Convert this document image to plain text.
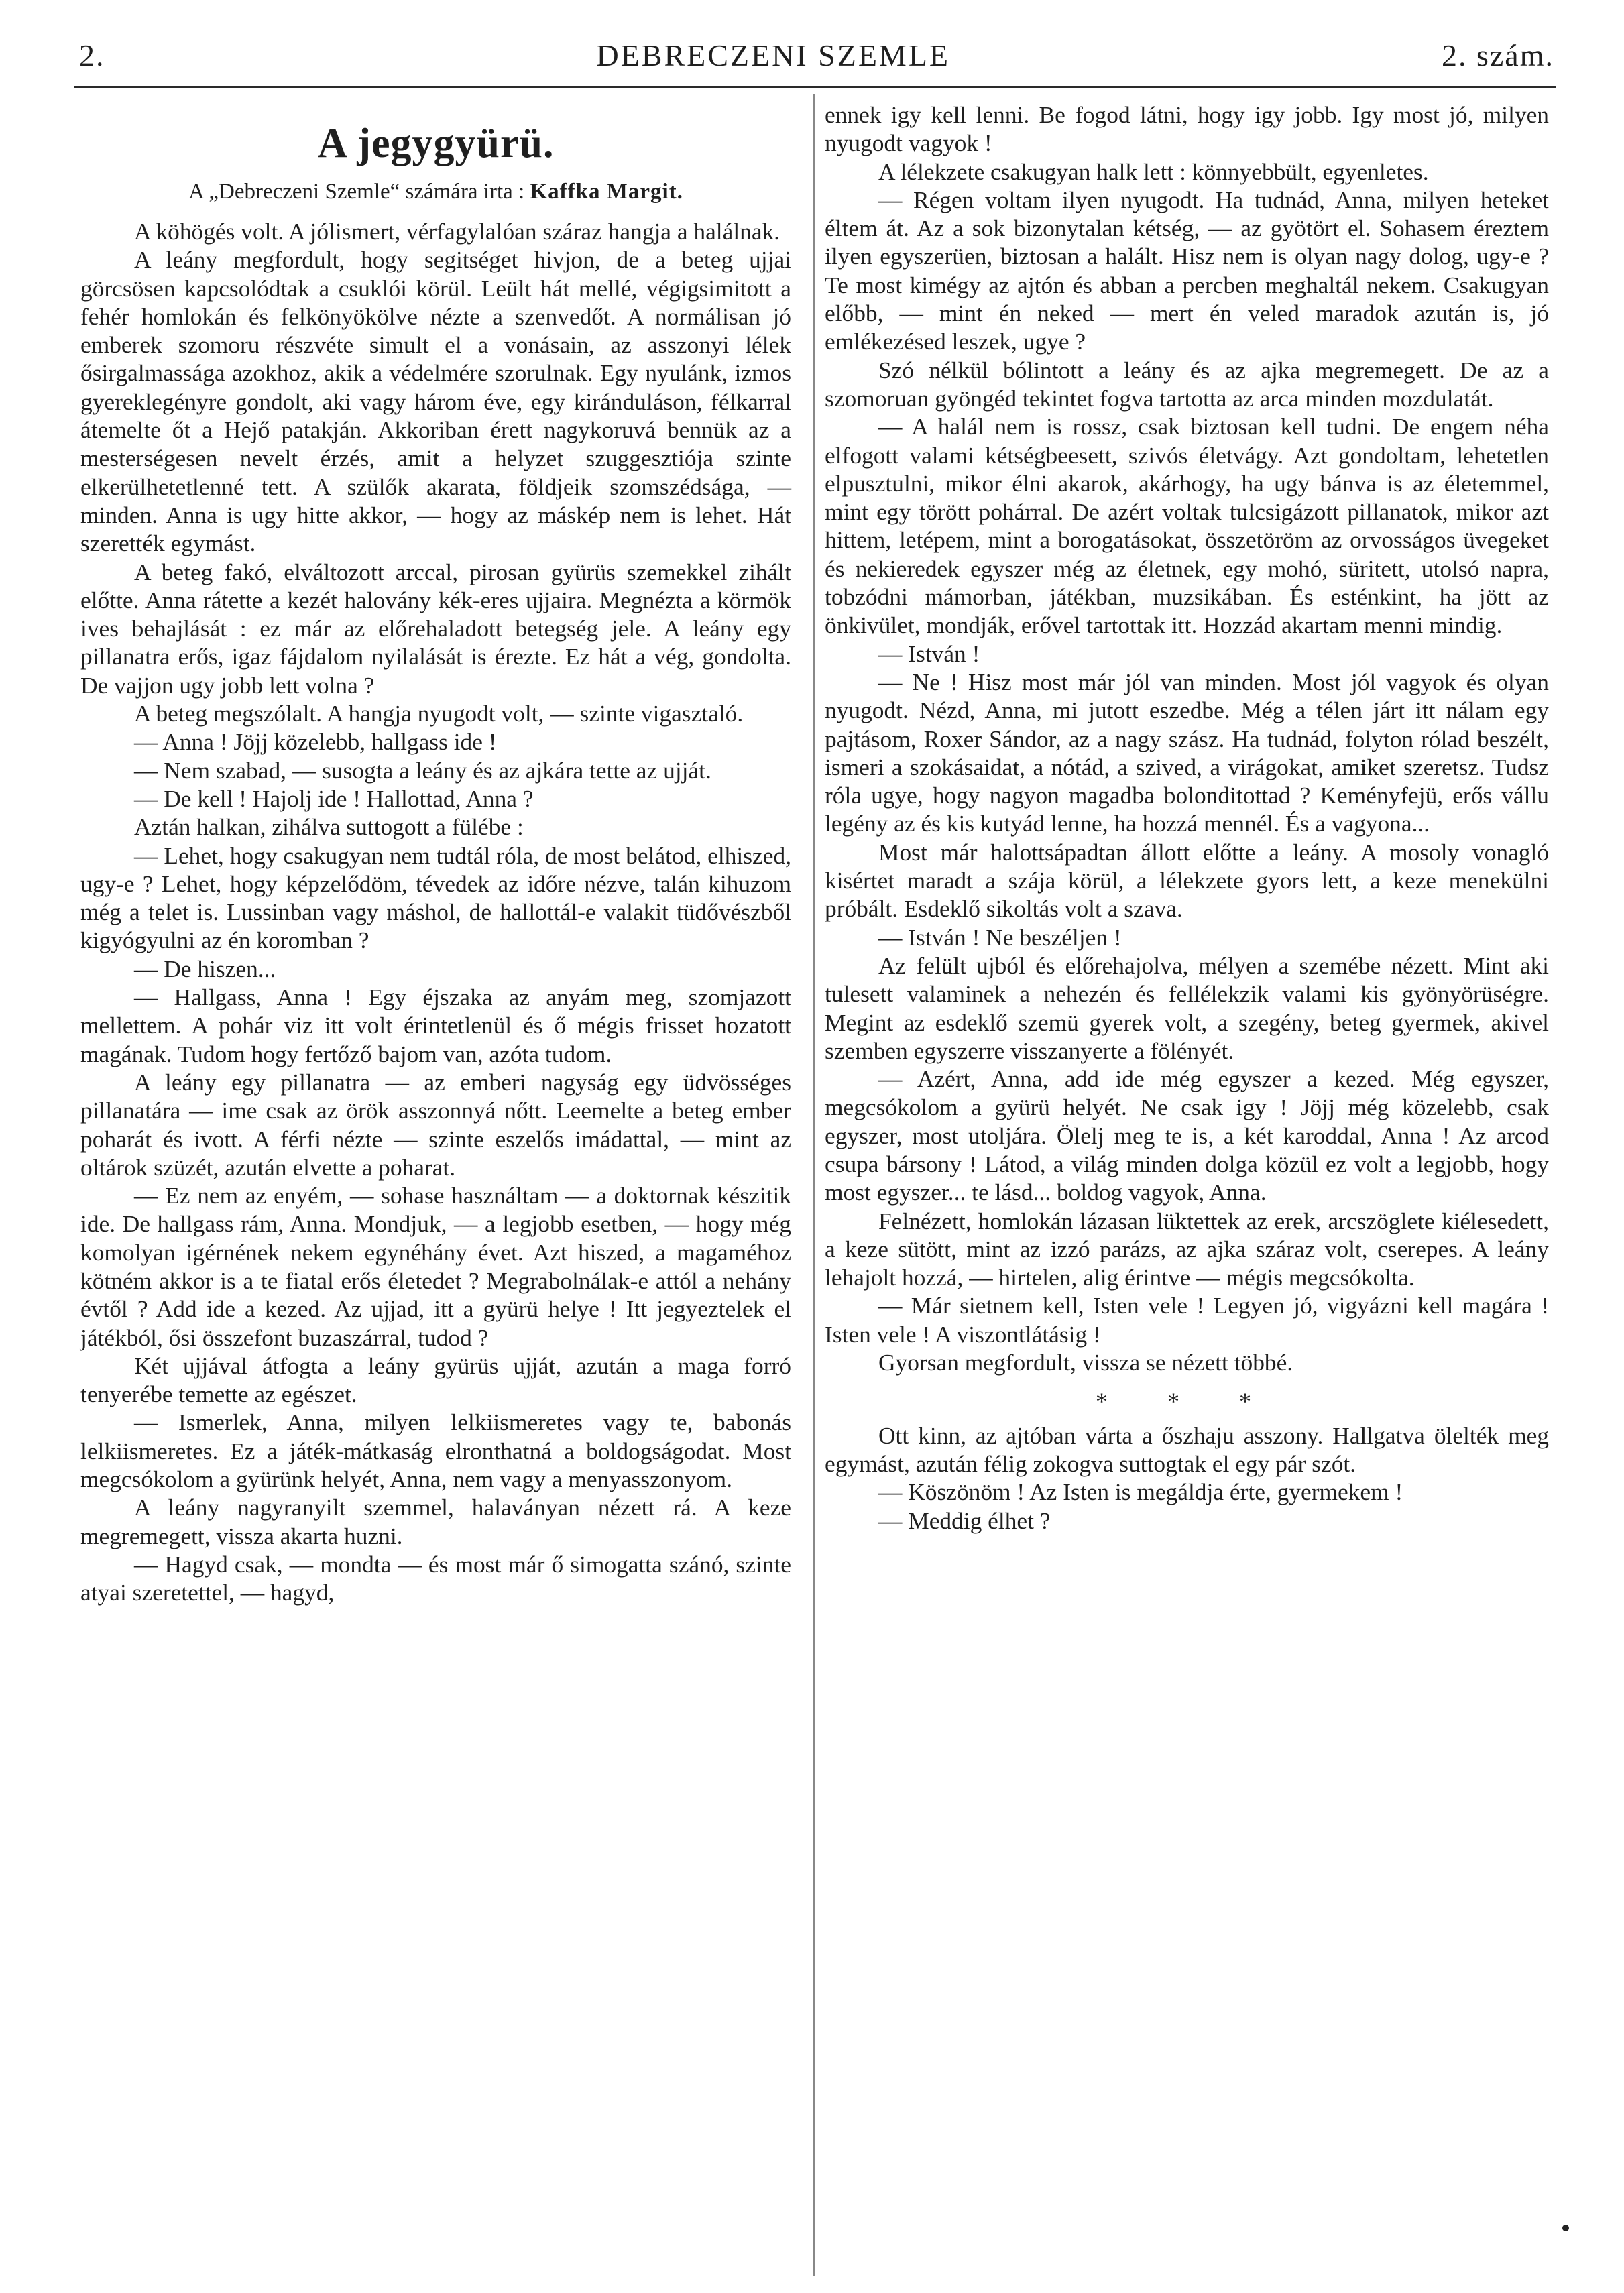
2.	DEBRECZENI SZEMLE	2. szám.
A jegygyürü.
A „Debreczeni Szemle“ számára irta : Kaffka Margit.

A köhögés volt. A jólismert, vérfagylalóan száraz hangja a halálnak.

A leány megfordult, hogy segitséget hivjon, de a beteg ujjai görcsösen kapcsolódtak a csuklói körül. Leült hát mellé, végigsimitott a fehér homlokán és felkönyökölve nézte a szenvedőt. A normálisan jó emberek szomoru részvéte simult el a vonásain, az asszonyi lélek ősirgalmassága azokhoz, akik a védelmére szorulnak. Egy nyulánk, izmos gyereklegényre gondolt, aki vagy három éve, egy kiránduláson, félkarral átemelte őt a Hejő patakján. Akkoriban érett nagykoruvá bennük az a mesterségesen nevelt érzés, amit a helyzet szuggesztiója szinte elkerülhetetlenné tett. A szülők akarata, földjeik szomszédsága, — minden. Anna is ugy hitte akkor, — hogy az máskép‍ nem is lehet. Hát szerették egymást.

A beteg fakó, elváltozott arccal, pirosan gyürüs szemekkel zihált előtte. Anna rátette a kezét halovány kék-eres ujjaira. Megnézta a körmök ives behajlását : ez már az előrehaladott betegség jele. A leány egy pillanatra erős, igaz fájdalom nyilalását is érezte. Ez hát a vég, gondolta. De vajjon ugy jobb lett volna ?

A beteg megszólalt. A hangja nyugodt volt, — szinte vigasztaló.

— Anna ! Jöjj közelebb, hallgass ide !

— Nem szabad, — susogta a leány és az ajkára tette az ujját.

— De kell ! Hajolj ide ! Hallottad, Anna ?

Aztán halkan, zihálva suttogott a fülébe :

— Lehet, hogy csakugyan nem tudtál róla, de most belátod, elhiszed, ugy-e ? Lehet, hogy képzelődöm, tévedek az időre nézve, talán kihuzom még a telet is. Lussinban vagy máshol, de hallottál-e valakit tüdővészből kigyógyulni az én koromban ?

— De hiszen...

— Hallgass, Anna ! Egy éjszaka az anyám meg, szomjazott mellettem. A pohár viz itt volt érintetlenül és ő mégis frisset hozatott magának. Tudom hogy fertőző bajom van, azóta tudom.

A leány egy pillanatra — az emberi nagyság egy üdvösséges pillanatára — ime csak az örök asszonnyá nőtt. Leemelte a beteg ember poharát és ivott. A férfi nézte — szinte eszelős imádattal, — mint az oltárok szüzét, azután elvette a poharat.

— Ez nem az enyém, — sohase használtam — a doktornak készitik ide. De hallgass rám, Anna. Mondjuk, — a legjobb esetben, — hogy még komolyan igérnének nekem egynéhány évet. Azt hiszed, a magaméhoz kötném akkor is a te fiatal erős életedet ? Megrabolnálak-e attól a nehány évtől ? Add ide a kezed. Az ujjad, itt a gyürü helye ! Itt jegyeztelek el játékból, ősi összefont buzaszárral, tudod ?

Két ujjával átfogta a leány gyürüs ujját, azután a maga forró tenyerébe temette az egészet.

— Ismerlek, Anna, milyen lelkiismeretes vagy te, babonás lelkiismeretes. Ez a játék-mátkaság elronthatná a boldogságodat. Most megcsókolom a gyürünk helyét, Anna, nem vagy a menyasszonyom.

A leány nagyranyilt szemmel, halaványan nézett rá. A keze megremegett, vissza akarta huzni.

— Hagyd csak, — mondta — és most már ő simogatta szánó, szinte atyai szeretettel, — hagyd,

ennek igy kell lenni. Be fogod látni, hogy igy jobb. Igy most jó, milyen nyugodt vagyok !

A lélekzete csakugyan halk lett : könnyebbült, egyenletes.

— Régen voltam ilyen nyugodt. Ha tudnád, Anna, milyen heteket éltem át. Az a sok bizonytalan kétség, — az gyötört el. Sohasem éreztem ilyen egyszerüen, biztosan a halált. Hisz nem is olyan nagy dolog, ugy-e ? Te most kimégy az ajtón és abban a percben meghaltál nekem. Csakugyan előbb, — mint én neked — mert én veled maradok azután is, jó emlékezésed leszek, ugye ?

Szó nélkül bólintott a leány és az ajka megremegett. De az a szomoruan gyöngéd tekintet fogva tartotta az arca minden mozdulatát.

— A halál nem is rossz, csak biztosan kell tudni. De engem néha elfogott valami kétségbeesett, szivós életvágy. Azt gondoltam, lehetetlen elpusztulni, mikor élni akarok, akárhogy, ha ugy bánva is az életemmel, mint egy törött pohárral. De azért voltak tulcsigázott pillanatok, mikor azt hittem, letépem, mint a borogatásokat, összetöröm az orvosságos üvegeket és nekieredek egyszer még az életnek, egy mohó, süritett, utolsó napra, tobzódni mámorban, játékban, muzsikában. És esténkint, ha jött az önkivület, mondják, erővel tartottak itt. Hozzád akartam menni mindig.

— István !

— Ne ! Hisz most már jól van minden. Most jól vagyok és olyan nyugodt. Nézd, Anna, mi jutott eszedbe. Még a télen járt itt nálam egy pajtásom, Roxer Sándor, az a nagy szász. Ha tudnád, folyton rólad beszélt, ismeri a szokásaidat, a nótád, a szived, a virágokat, amiket szeretsz. Tudsz róla ugye, hogy nagyon magadba bolonditottad ? Keményfejü, erős vállu legény az és kis kutyád lenne, ha hozzá mennél. És a vagyona...

Most már halottsápadtan állott előtte a leány. A mosoly vonagló kisértet maradt a szája körül, a lélekzete gyors lett, a keze menekülni próbált. Esdeklő sikoltás volt a szava.

— István ! Ne beszéljen !

Az felült ujból és előrehajolva, mélyen a szemébe nézett. Mint aki tulesett valaminek a nehezén és fellélekzik valami kis gyönyörüségre. Megint az esdeklő szemü gyerek volt, a szegény, beteg gyermek, akivel szemben egyszerre visszanyerte a fölényét.

— Azért, Anna, add ide még egyszer a kezed. Még egyszer, megcsókolom a gyürü helyét. Ne csak igy ! Jöjj még közelebb, csak egyszer, most utoljára. Ölelj meg te is, a két karoddal, Anna ! Az arcod csupa bársony ! Látod, a világ minden dolga közül ez volt a legjobb, hogy most egyszer... te lásd... boldog vagyok, Anna.

Felnézett, homlokán lázasan lüktettek az erek, arcszöglete kiélesedett, a keze sütött, mint az izzó parázs, az ajka száraz volt, cserepes. A leány lehajolt hozzá, — hirtelen, alig érintve — mégis megcsókolta.

— Már sietnem kell, Isten vele ! Legyen jó, vigyázni kell magára ! Isten vele ! A viszontlátásig !

Gyorsan megfordult, vissza se nézett többé.

* * *

Ott kinn, az ajtóban várta a őszhaju asszony. Hallgatva ölelték meg egymást, azután félig zokogva suttogtak el egy pár szót.

— Köszönöm ! Az Isten is megáldja érte, gyermekem !

— Meddig élhet ?
